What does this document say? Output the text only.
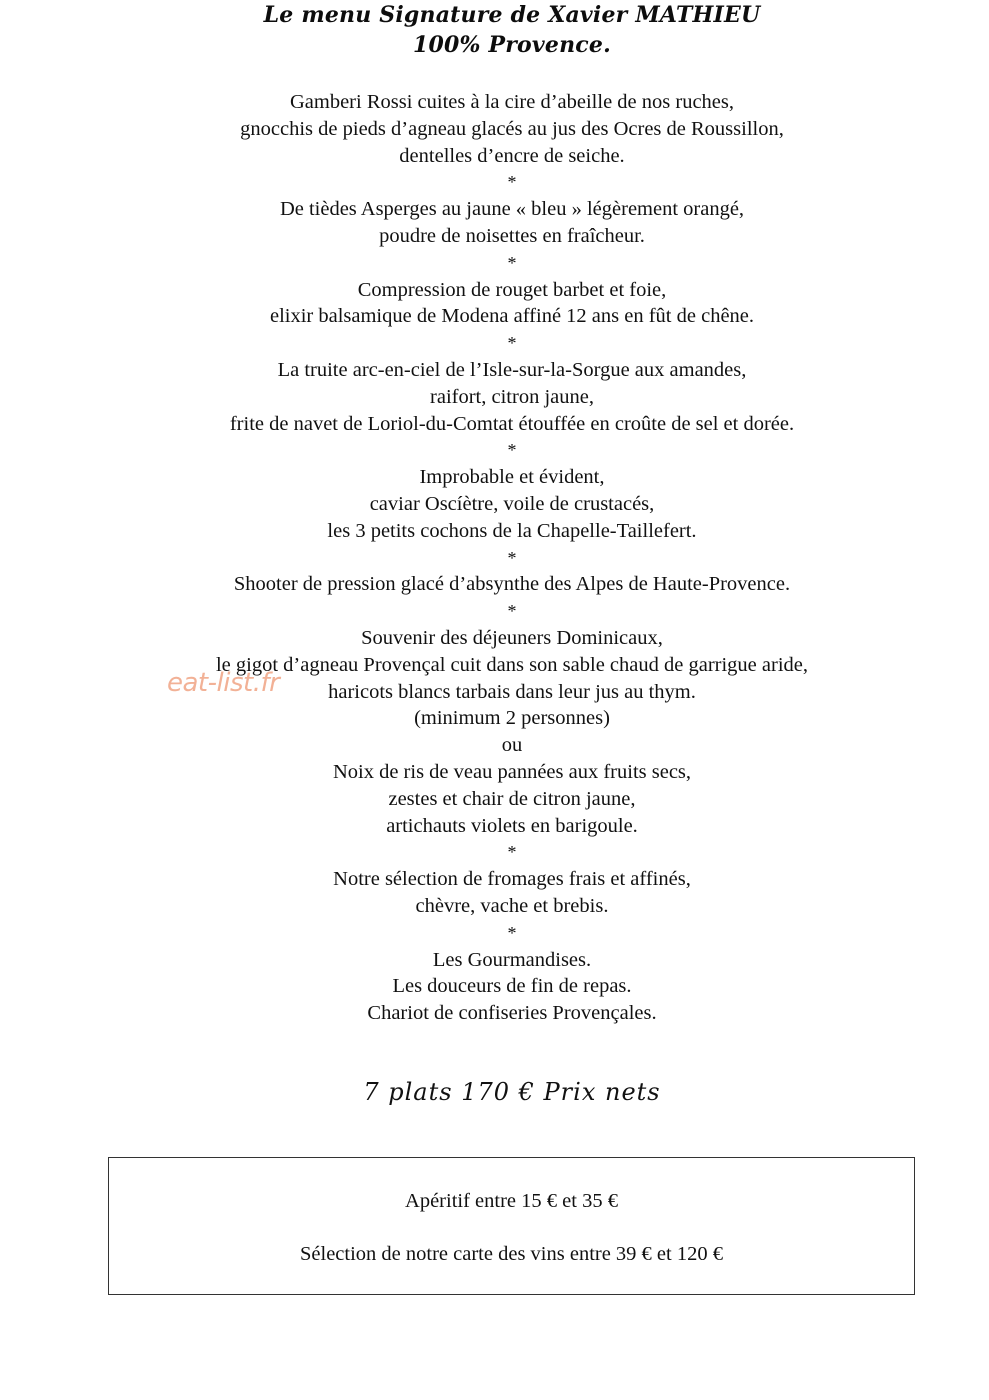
Le menu Signature de Xavier MATHIEU
100% Provence.
Gamberi Rossi cuites à la cire d’abeille de nos ruches,
gnocchis de pieds d’agneau glacés au jus des Ocres de Roussillon,
dentelles d’encre de seiche.
*
De tièdes Asperges au jaune « bleu » légèrement orangé,
poudre de noisettes en fraîcheur.
*
Compression de rouget barbet et foie,
elixir balsamique de Modena affiné 12 ans en fût de chêne.
*
La truite arc-en-ciel de l’Isle-sur-la-Sorgue aux amandes,
raifort, citron jaune,
frite de navet de Loriol-du-Comtat étouffée en croûte de sel et dorée.
*
Improbable et évident,
caviar Oscíètre, voile de crustacés,
les 3 petits cochons de la Chapelle-Taillefert.
*
Shooter de pression glacé d’absynthe des Alpes de Haute-Provence.
*
Souvenir des déjeuners Dominicaux,
le gigot d’agneau Provençal cuit dans son sable chaud de garrigue aride,
haricots blancs tarbais dans leur jus au thym.
(minimum 2 personnes)
ou
Noix de ris de veau pannées aux fruits secs,
zestes et chair de citron jaune,
artichauts violets en barigoule.
*
Notre sélection de fromages frais et affinés,
chèvre, vache et brebis.
*
Les Gourmandises.
Les douceurs de fin de repas.
Chariot de confiseries Provençales.
eat-list.fr
7 plats 170 € Prix nets
Apéritif entre 15 € et 35 €
Sélection de notre carte des vins entre 39 € et 120 €
